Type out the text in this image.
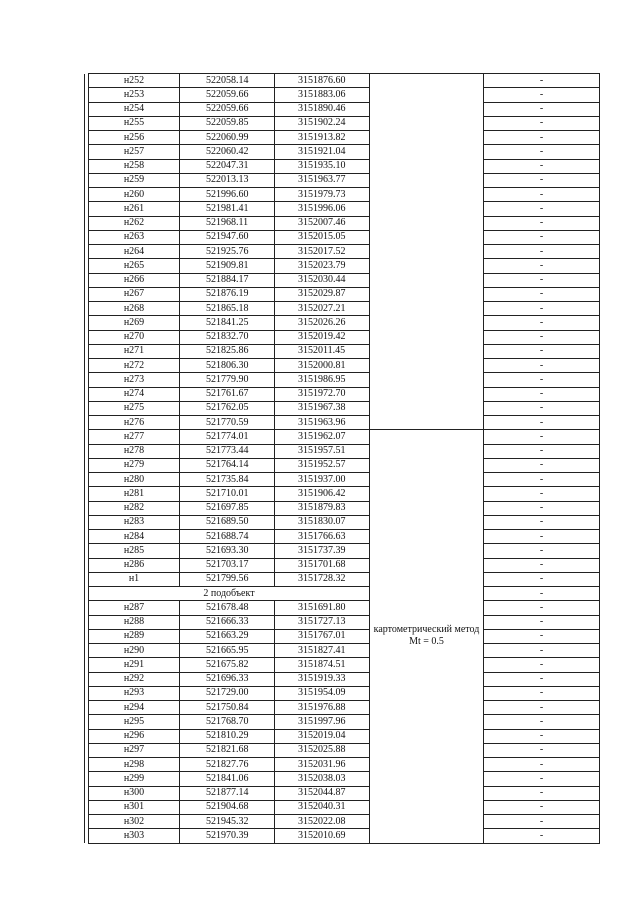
	н252	522058.14	3151876.60		-
	н253	522059.66	3151883.06		-
	н254	522059.66	3151890.46		-
	н255	522059.85	3151902.24		-
	н256	522060.99	3151913.82		-
	н257	522060.42	3151921.04		-
	н258	522047.31	3151935.10		-
	н259	522013.13	3151963.77		-
	н260	521996.60	3151979.73		-
	н261	521981.41	3151996.06		-
	н262	521968.11	3152007.46		-
	н263	521947.60	3152015.05		-
	н264	521925.76	3152017.52		-
	н265	521909.81	3152023.79		-
	н266	521884.17	3152030.44		-
	н267	521876.19	3152029.87		-
	н268	521865.18	3152027.21		-
	н269	521841.25	3152026.26		-
	н270	521832.70	3152019.42		-
	н271	521825.86	3152011.45		-
	н272	521806.30	3152000.81		-
	н273	521779.90	3151986.95		-
	н274	521761.67	3151972.70		-
	н275	521762.05	3151967.38		-
	н276	521770.59	3151963.96		-
	н277	521774.01	3151962.07	картометрический метод Mt = 0.5	-
	н278	521773.44	3151957.51		-
	н279	521764.14	3151952.57		-
	н280	521735.84	3151937.00		-
	н281	521710.01	3151906.42		-
	н282	521697.85	3151879.83		-
	н283	521689.50	3151830.07		-
	н284	521688.74	3151766.63		-
	н285	521693.30	3151737.39		-
	н286	521703.17	3151701.68		-
	н1	521799.56	3151728.32		-
	2 подобъект				-
	н287	521678.48	3151691.80		-
	н288	521666.33	3151727.13		-
	н289	521663.29	3151767.01		-
	н290	521665.95	3151827.41		-
	н291	521675.82	3151874.51		-
	н292	521696.33	3151919.33		-
	н293	521729.00	3151954.09		-
	н294	521750.84	3151976.88		-
	н295	521768.70	3151997.96		-
	н296	521810.29	3152019.04		-
	н297	521821.68	3152025.88		-
	н298	521827.76	3152031.96		-
	н299	521841.06	3152038.03		-
	н300	521877.14	3152044.87		-
	н301	521904.68	3152040.31		-
	н302	521945.32	3152022.08		-
	н303	521970.39	3152010.69		-
